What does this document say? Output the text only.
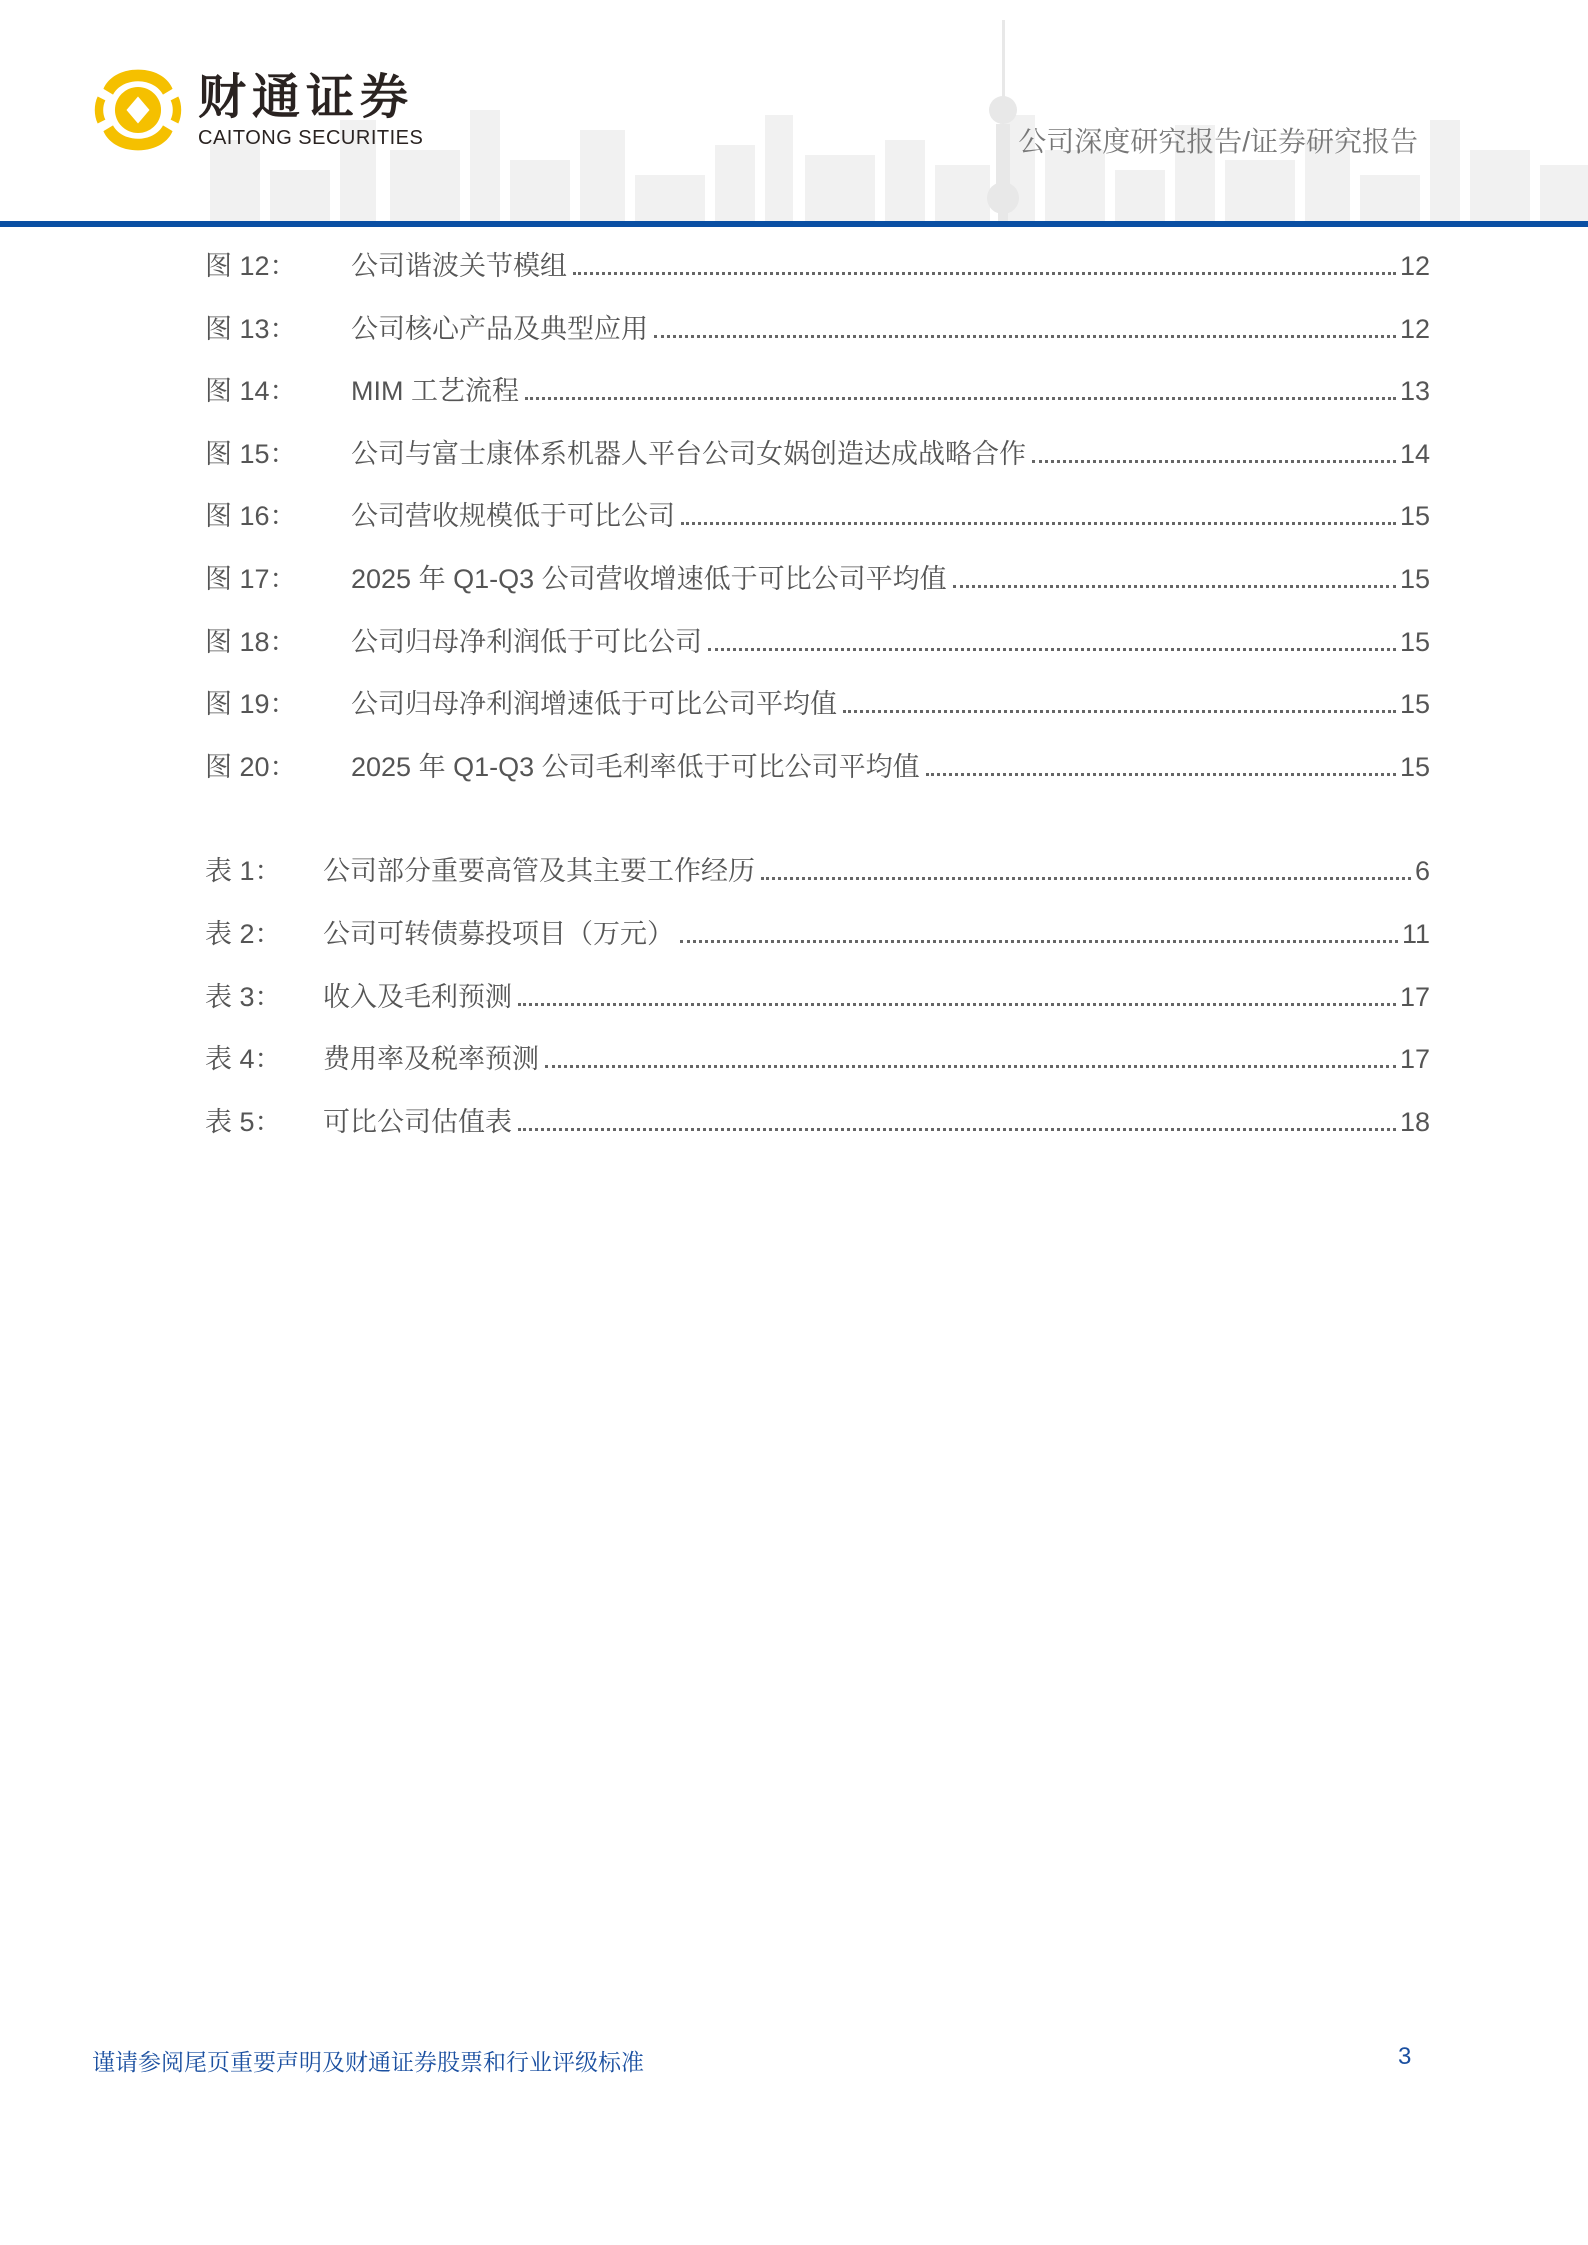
财通证券
CAITONG SECURITIES	公司深度研究报告/证券研究报告
图 12：	公司谐波关节模组	12
图 13：	公司核心产品及典型应用	12
图 14：	MIM 工艺流程	13
图 15：	公司与富士康体系机器人平台公司女娲创造达成战略合作	14
图 16：	公司营收规模低于可比公司	15
图 17：	2025 年 Q1-Q3 公司营收增速低于可比公司平均值	15
图 18：	公司归母净利润低于可比公司	15
图 19：	公司归母净利润增速低于可比公司平均值	15
图 20：	2025 年 Q1-Q3 公司毛利率低于可比公司平均值	15
表 1：	公司部分重要高管及其主要工作经历	6
表 2：	公司可转债募投项目（万元）	11
表 3：	收入及毛利预测	17
表 4：	费用率及税率预测	17
表 5：	可比公司估值表	18
谨请参阅尾页重要声明及财通证券股票和行业评级标准	3
